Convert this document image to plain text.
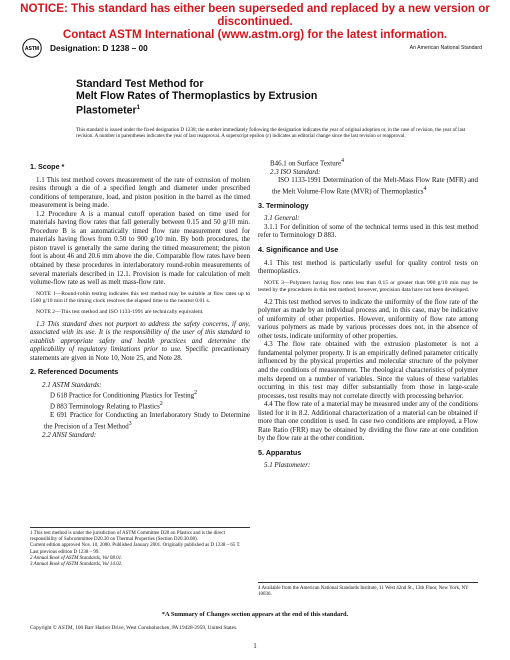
NOTICE: This standard has either been superseded and replaced by a new version or discontinued.
Contact ASTM International (www.astm.org) for the latest information.
ASTM Designation: D 1238 – 00	An American National Standard
Standard Test Method for
Melt Flow Rates of Thermoplastics by Extrusion
Plastometer$^1$
This standard is issued under the fixed designation D 1238; the number immediately following the designation indicates the year of original adoption or, in the case of revision, the year of last revision. A number in parentheses indicates the year of last reapproval. A superscript epsilon (ε) indicates an editorial change since the last revision or reapproval.
1. Scope *

1.1 This test method covers measurement of the rate of extrusion of molten resins through a die of a specified length and diameter under prescribed conditions of temperature, load, and piston position in the barrel as the timed measurement is being made.

1.2 Procedure A is a manual cutoff operation based on time used for materials having flow rates that fall generally between 0.15 and 50 g/10 min. Procedure B is an automatically timed flow rate measurement used for materials having flows from 0.50 to 900 g/10 min. By both procedures, the piston travel is generally the same during the timed measurement; the piston foot is about 46 and 20.6 mm above the die. Comparable flow rates have been obtained by these procedures in interlaboratory round-robin measurements of several materials described in 12.1. Provision is made for calculation of melt volume-flow rate as well as melt mass-flow rate.

NOTE 1—Round-robin testing indicates this test method may be suitable at flow rates up to 1500 g/10 min if the timing clock resolves the elapsed time to the nearest 0.01 s.

NOTE 2—This test method and ISO 1133-1991 are technically equivalent.

1.3 This standard does not purport to address the safety concerns, if any, associated with its use. It is the responsibility of the user of this standard to establish appropriate safety and health practices and determine the applicability of regulatory limitations prior to use. Specific precautionary statements are given in Note 10, Note 25, and Note 28.

2. Referenced Documents

2.1 ASTM Standards:

D 618 Practice for Conditioning Plastics for Testing$^2$

D 883 Terminology Relating to Plastics$^2$

E 691 Practice for Conducting an Interlaboratory Study to Determine the Precision of a Test Method$^3$

2.2 ANSI Standard:

B46.1 on Surface Texture$^4$

2.3 ISO Standard:

ISO 1133-1991 Determination of the Melt-Mass Flow Rate (MFR) and the Melt Volume-Flow Rate (MVR) of Thermoplastics$^4$

3. Terminology

3.1 General:

3.1.1 For definition of some of the technical terms used in this test method refer to Terminology D 883.

4. Significance and Use

4.1 This test method is particularly useful for quality control tests on thermoplastics.

NOTE 3—Polymers having flow rates less than 0.15 or greater than 900 g/10 min may be tested by the procedures in this test method; however, precision data have not been developed.

4.2 This test method serves to indicate the uniformity of the flow rate of the polymer as made by an individual process and, in this case, may be indicative of uniformity of other properties. However, uniformity of flow rate among various polymers as made by various processes does not, in the absence of other tests, indicate uniformity of other properties.

4.3 The flow rate obtained with the extrusion plastometer is not a fundamental polymer property. It is an empirically defined parameter critically influenced by the physical properties and molecular structure of the polymer and the conditions of measurement. The rheological characteristics of polymer melts depend on a number of variables. Since the values of these variables occurring in this test may differ substantially from those in large-scale processes, test results may not correlate directly with processing behavior.

4.4 The flow rate of a material may be measured under any of the conditions listed for it in 8.2. Additional characterization of a material can be obtained if more than one condition is used. In case two conditions are employed, a Flow Rate Ratio (FRR) may be obtained by dividing the flow rate at one condition by the flow rate at the other condition.

5. Apparatus

5.1 Plastometer:

1 This test method is under the jurisdiction of ASTM Committee D20 on Plastics and is the direct responsibility of Subcommittee D20.30 on Thermal Properties (Section D20.30.08).
Current edition approved Nov. 10, 2000. Published January 2001. Originally published as D 1238 – 65 T. Last previous edition D 1238 – 99.
2 Annual Book of ASTM Standards, Vol 08.01.
3 Annual Book of ASTM Standards, Vol 14.02.
4 Available from the American National Standards Institute, 11 West 42nd St., 13th Floor, New York, NY 10036.
*A Summary of Changes section appears at the end of this standard.
Copyright © ASTM, 100 Barr Harbor Drive, West Conshohocken, PA 19428-2959, United States.
1
